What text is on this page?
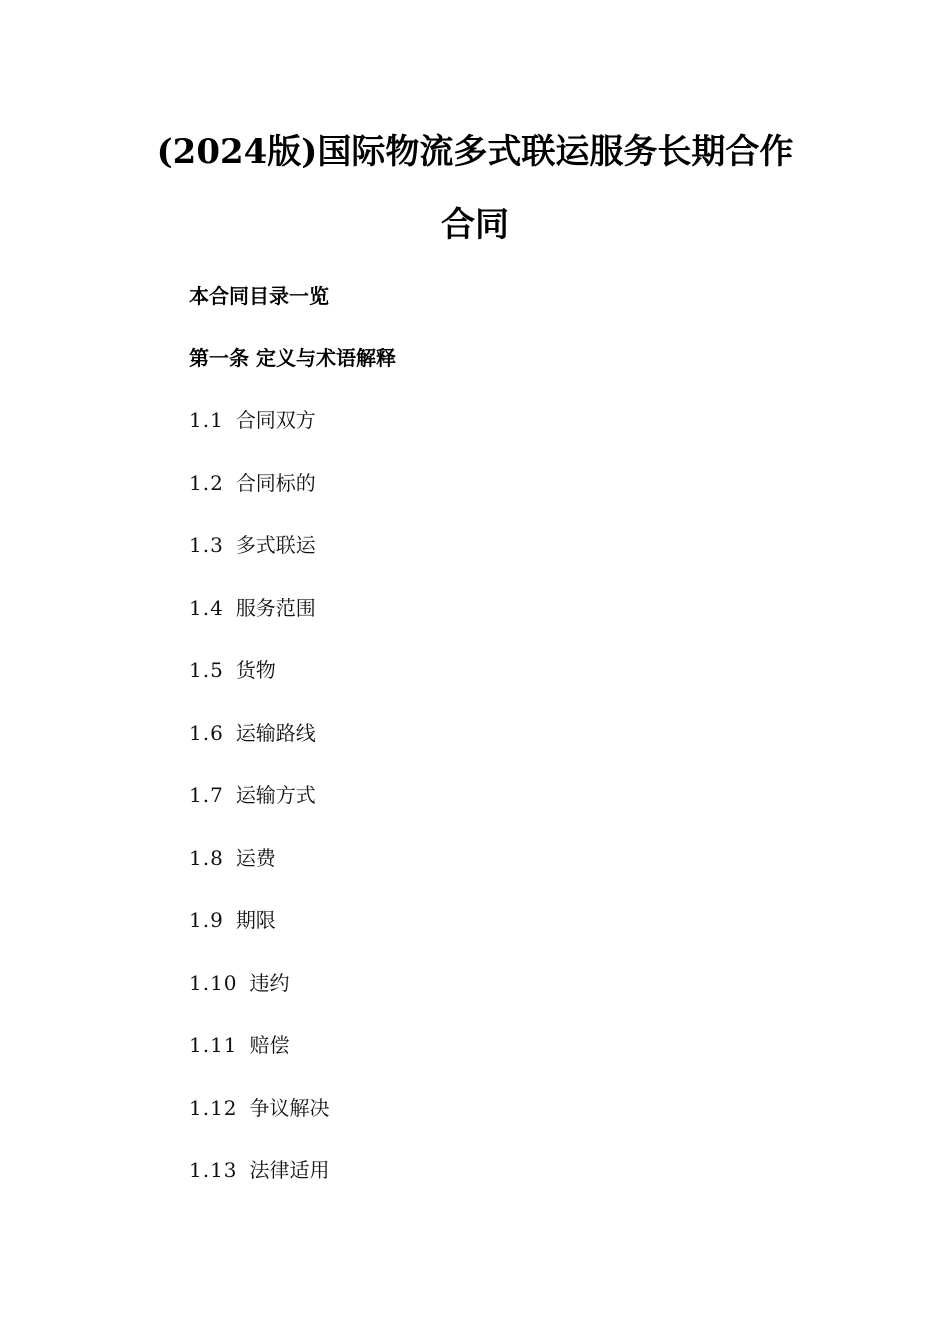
(2024版)国际物流多式联运服务长期合作
合同
本合同目录一览
第一条 定义与术语解释
1.1 合同双方
1.2 合同标的
1.3 多式联运
1.4 服务范围
1.5 货物
1.6 运输路线
1.7 运输方式
1.8 运费
1.9 期限
1.10 违约
1.11 赔偿
1.12 争议解决
1.13 法律适用
